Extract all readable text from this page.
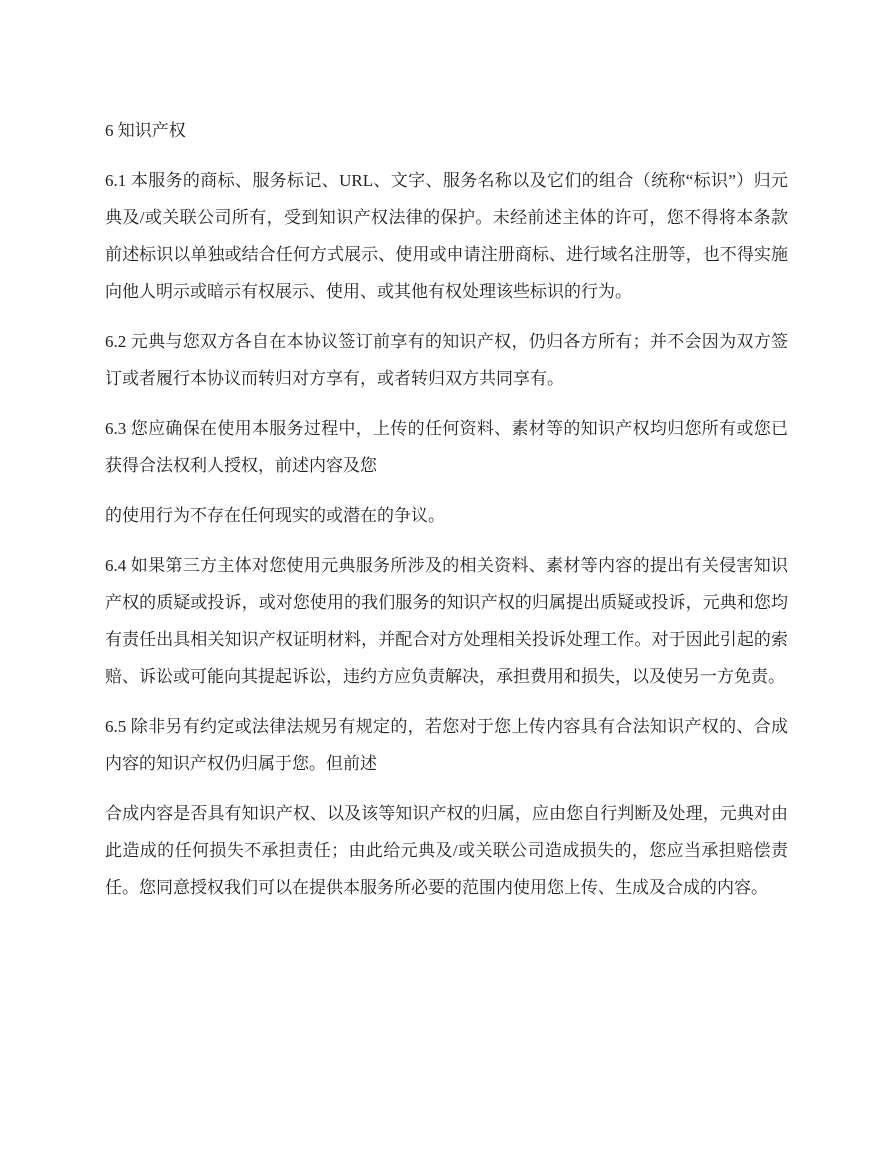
6 知识产权

6.1 本服务的商标、服务标记、URL、文字、服务名称以及它们的组合（统称“标识”）归元典及/或关联公司所有，受到知识产权法律的保护。未经前述主体的许可，您不得将本条款前述标识以单独或结合任何方式展示、使用或申请注册商标、进行域名注册等，也不得实施向他人明示或暗示有权展示、使用、或其他有权处理该些标识的行为。

6.2 元典与您双方各自在本协议签订前享有的知识产权，仍归各方所有；并不会因为双方签订或者履行本协议而转归对方享有，或者转归双方共同享有。

6.3 您应确保在使用本服务过程中，上传的任何资料、素材等的知识产权均归您所有或您已获得合法权利人授权，前述内容及您

的使用行为不存在任何现实的或潜在的争议。

6.4 如果第三方主体对您使用元典服务所涉及的相关资料、素材等内容的提出有关侵害知识产权的质疑或投诉，或对您使用的我们服务的知识产权的归属提出质疑或投诉，元典和您均有责任出具相关知识产权证明材料，并配合对方处理相关投诉处理工作。对于因此引起的索赔、诉讼或可能向其提起诉讼，违约方应负责解决，承担费用和损失，以及使另一方免责。

6.5 除非另有约定或法律法规另有规定的，若您对于您上传内容具有合法知识产权的、合成内容的知识产权仍归属于您。但前述

合成内容是否具有知识产权、以及该等知识产权的归属，应由您自行判断及处理，元典对由此造成的任何损失不承担责任；由此给元典及/或关联公司造成损失的，您应当承担赔偿责任。您同意授权我们可以在提供本服务所必要的范围内使用您上传、生成及合成的内容。
